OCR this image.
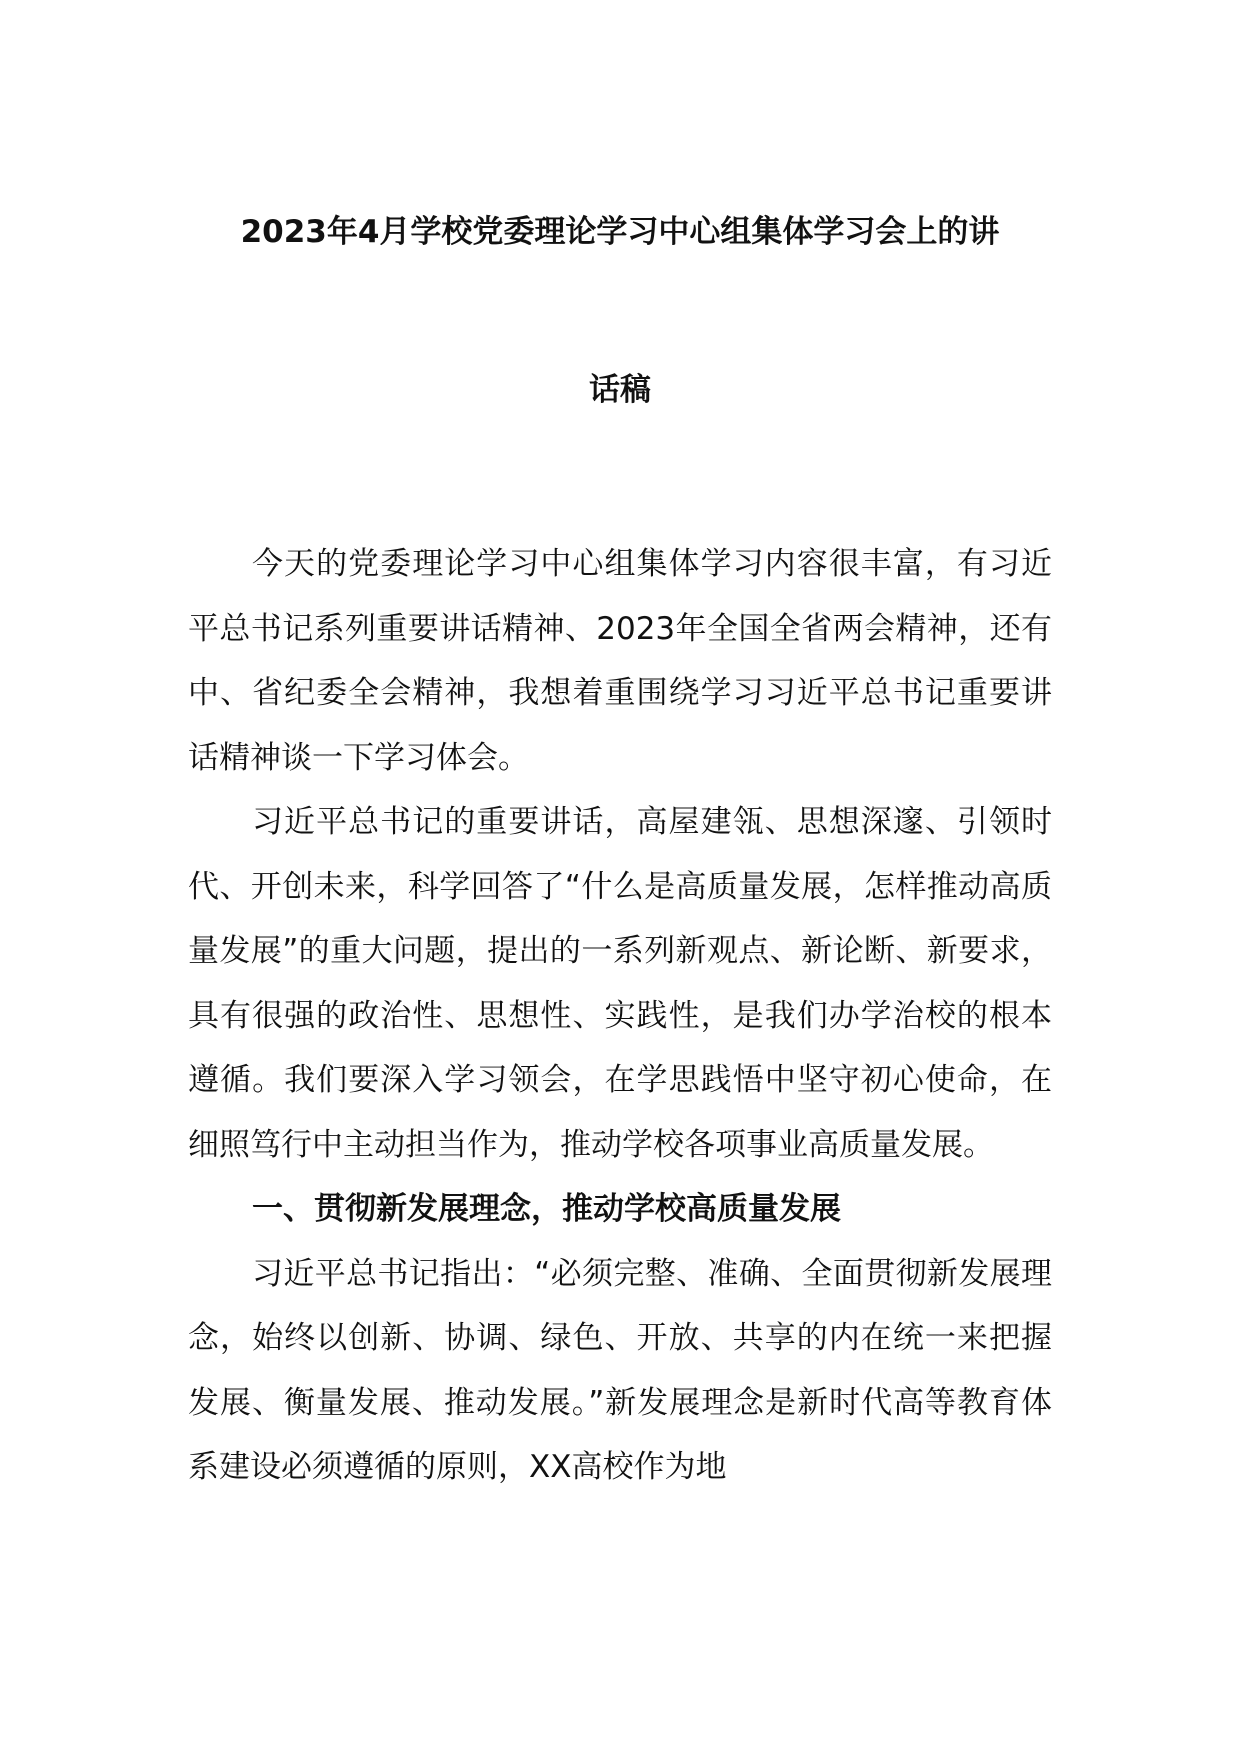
2023年4月学校党委理论学习中心组集体学习会上的讲
话稿

今天的党委理论学习中心组集体学习内容很丰富，有习近平总书记系列重要讲话精神、2023年全国全省两会精神，还有中、省纪委全会精神，我想着重围绕学习习近平总书记重要讲话精神谈一下学习体会。

习近平总书记的重要讲话，高屋建瓴、思想深邃、引领时代、开创未来，科学回答了“什么是高质量发展，怎样推动高质量发展”的重大问题，提出的一系列新观点、新论断、新要求，具有很强的政治性、思想性、实践性，是我们办学治校的根本遵循。我们要深入学习领会，在学思践悟中坚守初心使命，在细照笃行中主动担当作为，推动学校各项事业高质量发展。

一、贯彻新发展理念，推动学校高质量发展

习近平总书记指出：“必须完整、准确、全面贯彻新发展理念，始终以创新、协调、绿色、开放、共享的内在统一来把握发展、衡量发展、推动发展。”新发展理念是新时代高等教育体系建设必须遵循的原则，XX高校作为地
